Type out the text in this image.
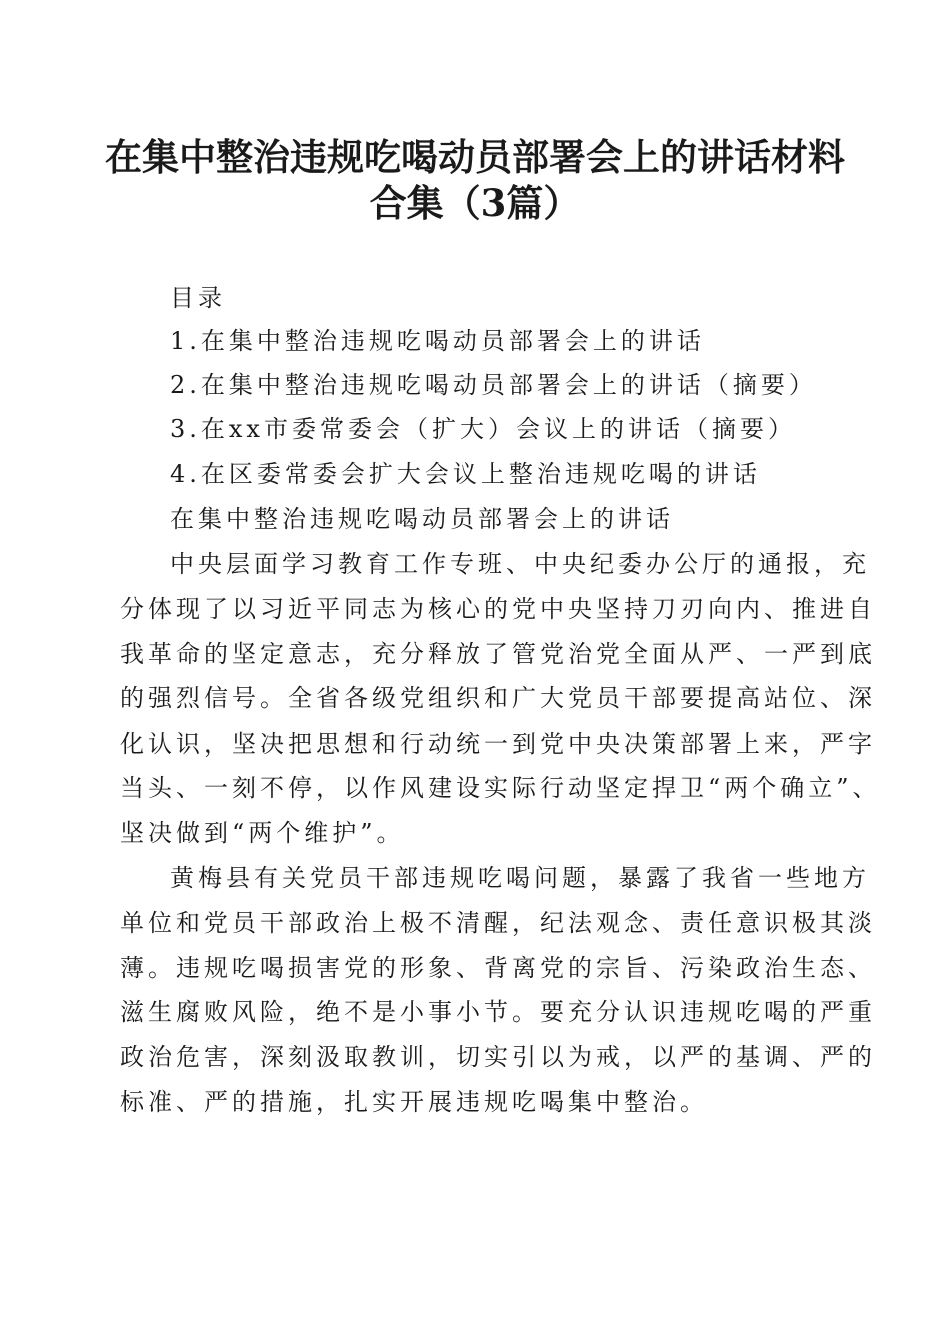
在集中整治违规吃喝动员部署会上的讲话材料
合集（3篇）
目录
1.在集中整治违规吃喝动员部署会上的讲话
2.在集中整治违规吃喝动员部署会上的讲话（摘要）
3.在xx市委常委会（扩大）会议上的讲话（摘要）
4.在区委常委会扩大会议上整治违规吃喝的讲话
在集中整治违规吃喝动员部署会上的讲话
中央层面学习教育工作专班、中央纪委办公厅的通报，充
分体现了以习近平同志为核心的党中央坚持刀刃向内、推进自
我革命的坚定意志，充分释放了管党治党全面从严、一严到底
的强烈信号。全省各级党组织和广大党员干部要提高站位、深
化认识，坚决把思想和行动统一到党中央决策部署上来，严字
当头、一刻不停，以作风建设实际行动坚定捍卫“两个确立”、
坚决做到“两个维护”。
黄梅县有关党员干部违规吃喝问题，暴露了我省一些地方
单位和党员干部政治上极不清醒，纪法观念、责任意识极其淡
薄。违规吃喝损害党的形象、背离党的宗旨、污染政治生态、
滋生腐败风险，绝不是小事小节。要充分认识违规吃喝的严重
政治危害，深刻汲取教训，切实引以为戒，以严的基调、严的
标准、严的措施，扎实开展违规吃喝集中整治。
